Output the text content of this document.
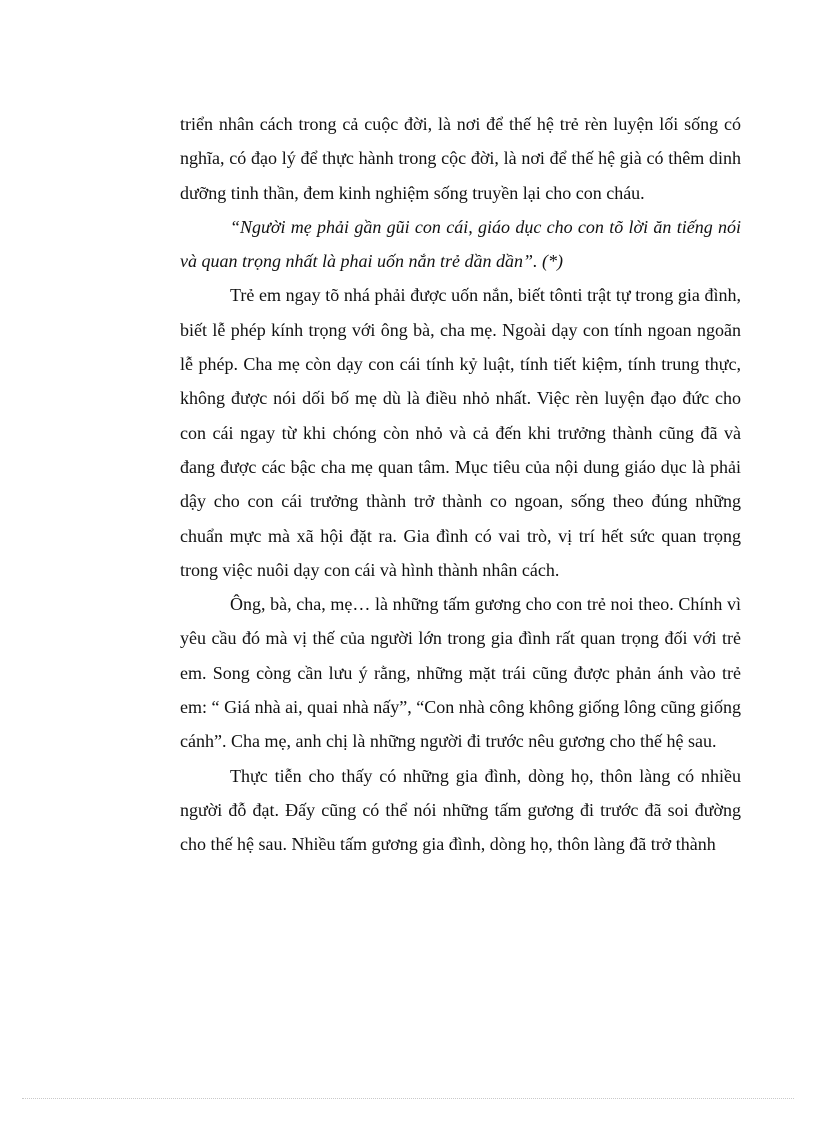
triển nhân cách trong cả cuộc đời, là nơi để thế hệ trẻ rèn luyện lối sống có nghĩa, có đạo lý để thực hành trong cộc đời, là nơi để thế hệ già có thêm dinh dưỡng tinh thần, đem kinh nghiệm sống truyền lại cho con cháu.

“Người mẹ phải gần gũi con cái, giáo dục cho con tõ lời ăn tiếng nói và quan trọng nhất là phai uốn nắn trẻ dần dần”. (*)

Trẻ em ngay tõ nhá phải được uốn nắn, biết tônti trật tự trong gia đình, biết lễ phép kính trọng với ông bà, cha mẹ. Ngoài dạy con tính ngoan ngoãn lễ phép. Cha mẹ còn dạy con cái tính kỷ luật, tính tiết kiệm, tính trung thực, không được nói dối bố mẹ dù là điều nhỏ nhất. Việc rèn luyện đạo đức cho con cái ngay từ khi chóng còn nhỏ và cả đến khi trưởng thành cũng đã và đang được các bậc cha mẹ quan tâm. Mục tiêu của nội dung giáo dục là phải dậy cho con cái trưởng thành trở thành co ngoan, sống theo đúng những chuẩn mực mà xã hội đặt ra. Gia đình có vai trò, vị trí hết sức quan trọng trong việc nuôi dạy con cái và hình thành nhân cách.

Ông, bà, cha, mẹ… là những tấm gương cho con trẻ noi theo. Chính vì yêu cầu đó mà vị thế của người lớn trong gia đình rất quan trọng đối với trẻ em. Song còng cần lưu ý rằng, những mặt trái cũng được phản ánh vào trẻ em: “ Giá nhà ai, quai nhà nấy”, “Con nhà công không giống lông cũng giống cánh”. Cha mẹ, anh chị là những người đi trước nêu gương cho thế hệ sau.

Thực tiễn cho thấy có những gia đình, dòng họ, thôn làng có nhiều người đỗ đạt. Đấy cũng có thể nói những tấm gương đi trước đã soi đường cho thế hệ sau. Nhiều tấm gương gia đình, dòng họ, thôn làng đã trở thành
